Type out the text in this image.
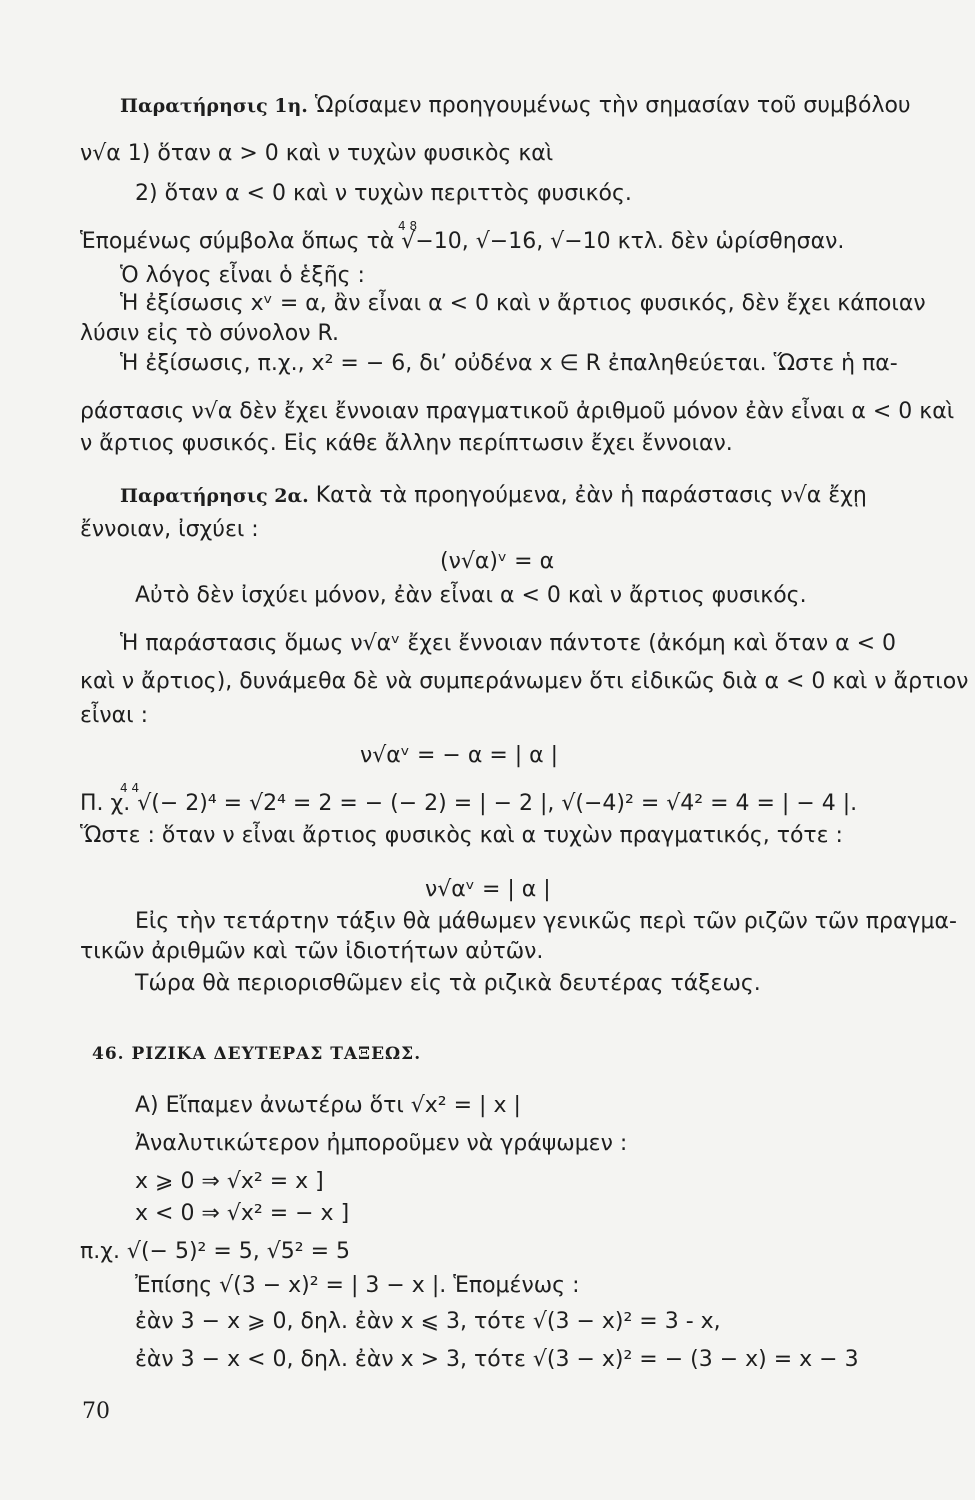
Παρατήρησις 1η. Ὡρίσαμεν προηγουμένως τὴν σημασίαν τοῦ συμβόλου
ν√α 1) ὅταν α > 0 καὶ ν τυχὼν φυσικὸς καὶ
2) ὅταν α < 0 καὶ ν τυχὼν περιττὸς φυσικός.
4 8
Ἑπομένως σύμβολα ὅπως τὰ √−10, √−16, √−10 κτλ. δὲν ὡρίσθησαν.
Ὁ λόγος εἶναι ὁ ἑξῆς :
Ἡ ἐξίσωσις xᵛ = α, ἂν εἶναι α < 0 καὶ ν ἄρτιος φυσικός, δὲν ἔχει κάποιαν
λύσιν εἰς τὸ σύνολον R.
Ἡ ἐξίσωσις, π.χ., x² = − 6, δι’ οὐδένα x ∈ R ἐπαληθεύεται. Ὥστε ἡ πα-
ράστασις ν√α δὲν ἔχει ἔννοιαν πραγματικοῦ ἀριθμοῦ μόνον ἐὰν εἶναι α < 0 καὶ
ν ἄρτιος φυσικός. Εἰς κάθε ἄλλην περίπτωσιν ἔχει ἔννοιαν.
Παρατήρησις 2α. Κατὰ τὰ προηγούμενα, ἐὰν ἡ παράστασις ν√α ἔχῃ
ἔννοιαν, ἰσχύει :
(ν√α)ᵛ = α
Αὐτὸ δὲν ἰσχύει μόνον, ἐὰν εἶναι α < 0 καὶ ν ἄρτιος φυσικός.
Ἡ παράστασις ὅμως ν√αᵛ ἔχει ἔννοιαν πάντοτε (ἀκόμη καὶ ὅταν α < 0
καὶ ν ἄρτιος), δυνάμεθα δὲ νὰ συμπεράνωμεν ὅτι εἰδικῶς διὰ α < 0 καὶ ν ἄρτιον
εἶναι :
ν√αᵛ = − α = | α |
4 4
Π. χ. √(− 2)⁴ = √2⁴ = 2 = − (− 2) = | − 2 |, √(−4)² = √4² = 4 = | − 4 |.
Ὥστε : ὅταν ν εἶναι ἄρτιος φυσικὸς καὶ α τυχὼν πραγματικός, τότε :
ν√αᵛ = | α |
Εἰς τὴν τετάρτην τάξιν θὰ μάθωμεν γενικῶς περὶ τῶν ριζῶν τῶν πραγμα-
τικῶν ἀριθμῶν καὶ τῶν ἰδιοτήτων αὐτῶν.
Τώρα θὰ περιορισθῶμεν εἰς τὰ ριζικὰ δευτέρας τάξεως.
46. ΡΙΖΙΚΑ ΔΕΥΤΕΡΑΣ ΤΑΞΕΩΣ.
Α) Εἴπαμεν ἀνωτέρω ὅτι √x² = | x |
Ἀναλυτικώτερον ἠμποροῦμεν νὰ γράψωμεν :
x ⩾ 0 ⇒ √x² = x ]
x < 0 ⇒ √x² = − x ]
π.χ. √(− 5)² = 5, √5² = 5
Ἐπίσης √(3 − x)² = | 3 − x |. Ἑπομένως :
ἐὰν 3 − x ⩾ 0, δηλ. ἐὰν x ⩽ 3, τότε √(3 − x)² = 3 - x,
ἐὰν 3 − x < 0, δηλ. ἐὰν x > 3, τότε √(3 − x)² = − (3 − x) = x − 3
70
